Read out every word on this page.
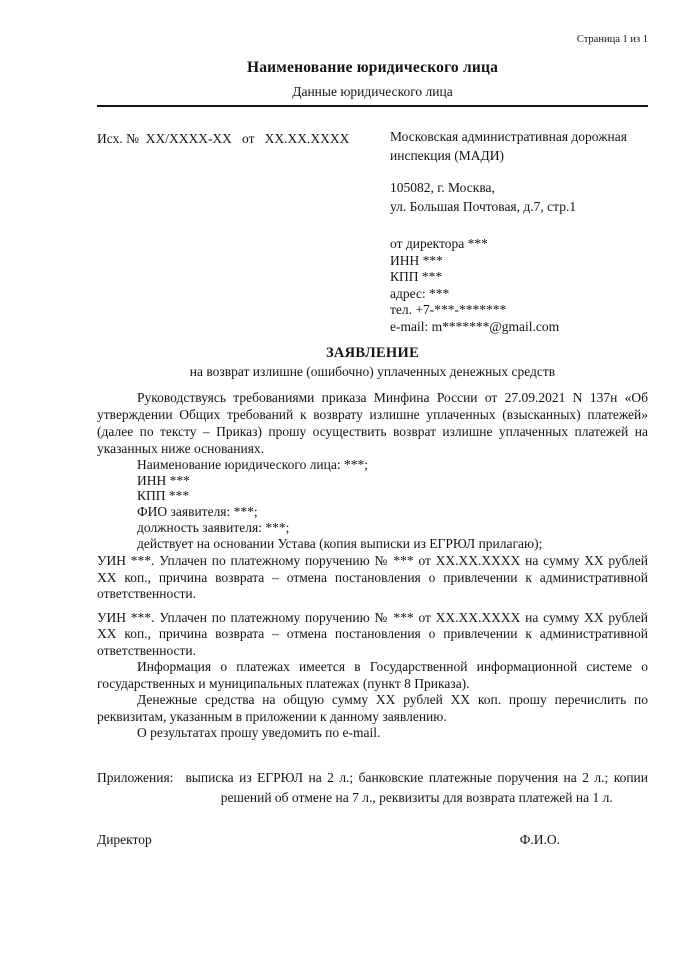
Страница 1 из 1
Наименование юридического лица
Данные юридического лица
Исх. №  XX/XXXX-XX   от   XX.XX.XXXX	Московская административная дорожная
инспекция (МАДИ)
105082, г. Москва,
ул. Большая Почтовая, д.7, стр.1
от директора ***
ИНН ***
КПП ***
адрес: ***
тел. +7-***-*******
e-mail: m*******@gmail.com
ЗАЯВЛЕНИЕ
на возврат излишне (ошибочно) уплаченных денежных средств
Руководствуясь требованиями приказа Минфина России от 27.09.2021 N 137н «Об утверждении Общих требований к возврату излишне уплаченных (взысканных) платежей» (далее по тексту – Приказ) прошу осуществить возврат излишне уплаченных платежей на указанных ниже основаниях.
Наименование юридического лица: ***;
ИНН ***
КПП ***
ФИО заявителя: ***;
должность заявителя: ***;
действует на основании Устава (копия выписки из ЕГРЮЛ прилагаю);
УИН ***. Уплачен по платежному поручению № *** от XX.XX.XXXX на сумму XX рублей XX коп., причина возврата – отмена постановления о привлечении к административной ответственности.
УИН ***. Уплачен по платежному поручению № *** от XX.XX.XXXX на сумму XX рублей XX коп., причина возврата – отмена постановления о привлечении к административной ответственности.
Информация о платежах имеется в Государственной информационной системе о государственных и муниципальных платежах (пункт 8 Приказа).
Денежные средства на общую сумму XX рублей XX коп. прошу перечислить по реквизитам, указанным в приложении к данному заявлению.
О результатах прошу уведомить по e-mail.
Приложения: выписка из ЕГРЮЛ на 2 л.; банковские платежные поручения на 2 л.; копии решений об отмене на 7 л., реквизиты для возврата платежей на 1 л.
Директор	Ф.И.О.
